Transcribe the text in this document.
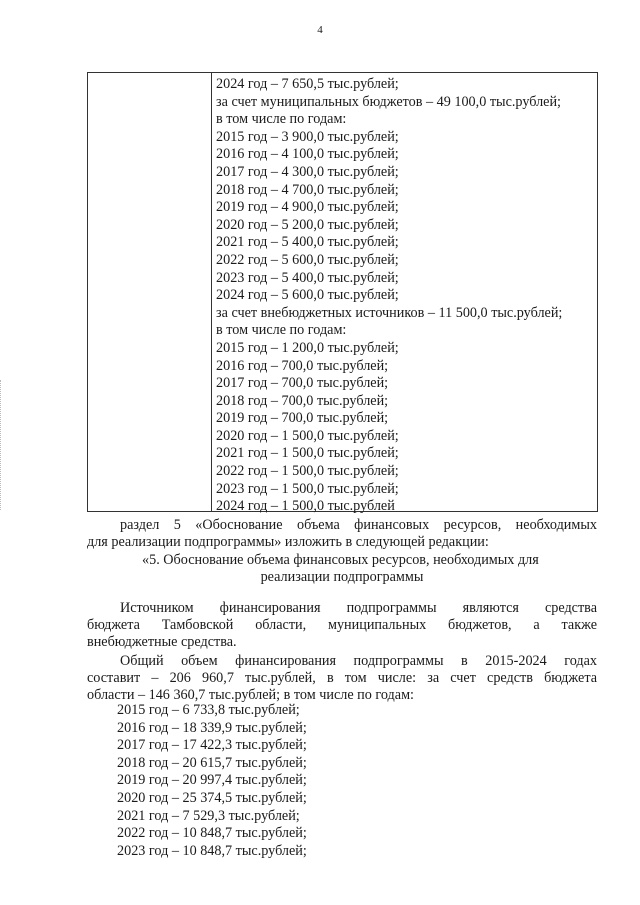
4
2024 год – 7 650,5 тыс.рублей;
за счет муниципальных бюджетов – 49 100,0 тыс.рублей;
в том числе по годам:
2015 год – 3 900,0 тыс.рублей;
2016 год – 4 100,0 тыс.рублей;
2017 год – 4 300,0 тыс.рублей;
2018 год – 4 700,0 тыс.рублей;
2019 год – 4 900,0 тыс.рублей;
2020 год – 5 200,0 тыс.рублей;
2021 год – 5 400,0 тыс.рублей;
2022 год – 5 600,0 тыс.рублей;
2023 год – 5 400,0 тыс.рублей;
2024 год – 5 600,0 тыс.рублей;
за счет внебюджетных источников – 11 500,0 тыс.рублей;
в том числе по годам:
2015 год – 1 200,0 тыс.рублей;
2016 год – 700,0 тыс.рублей;
2017 год – 700,0 тыс.рублей;
2018 год – 700,0 тыс.рублей;
2019 год – 700,0 тыс.рублей;
2020 год – 1 500,0 тыс.рублей;
2021 год – 1 500,0 тыс.рублей;
2022 год – 1 500,0 тыс.рублей;
2023 год – 1 500,0 тыс.рублей;
2024 год – 1 500,0 тыс.рублей
раздел 5 «Обоснование объема финансовых ресурсов, необходимых
для реализации подпрограммы» изложить в следующей редакции:
«5. Обоснование объема финансовых ресурсов, необходимых для
реализации подпрограммы
Источником финансирования подпрограммы являются средства
бюджета Тамбовской области, муниципальных бюджетов, а также
внебюджетные средства.
Общий объем финансирования подпрограммы в 2015-2024 годах
составит – 206 960,7 тыс.рублей, в том числе: за счет средств бюджета
области – 146 360,7 тыс.рублей; в том числе по годам:
2015 год – 6 733,8 тыс.рублей;
2016 год – 18 339,9 тыс.рублей;
2017 год – 17 422,3 тыс.рублей;
2018 год – 20 615,7 тыс.рублей;
2019 год – 20 997,4 тыс.рублей;
2020 год – 25 374,5 тыс.рублей;
2021 год – 7 529,3 тыс.рублей;
2022 год – 10 848,7 тыс.рублей;
2023 год – 10 848,7 тыс.рублей;
